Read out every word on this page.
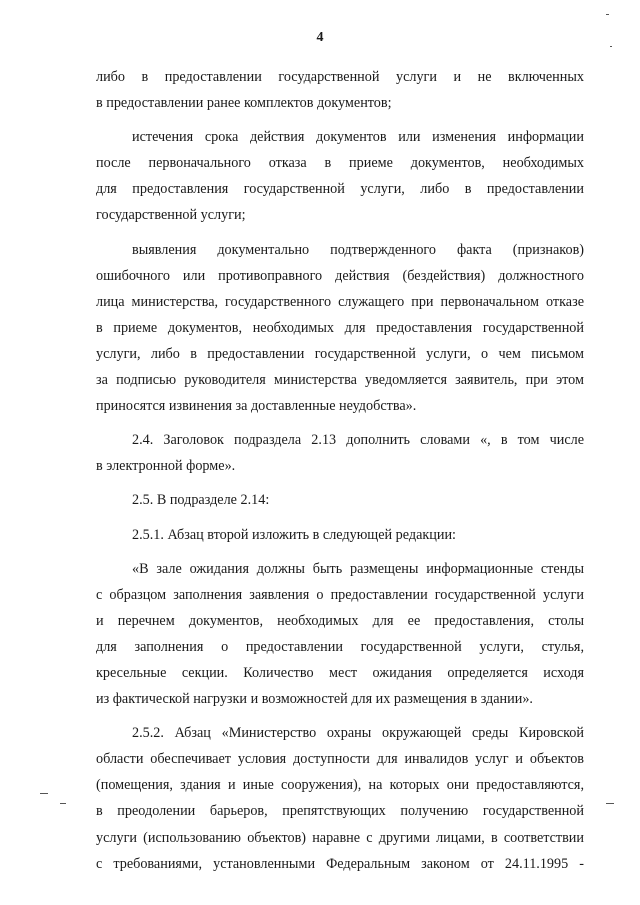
4

либо в предоставлении государственной услуги и не включенных
в предоставлении ранее комплектов документов;

истечения срока действия документов или изменения информации
после первоначального отказа в приеме документов, необходимых
для предоставления государственной услуги, либо в предоставлении
государственной услуги;

выявления документально подтвержденного факта (признаков)
ошибочного или противоправного действия (бездействия) должностного
лица министерства, государственного служащего при первоначальном отказе
в приеме документов, необходимых для предоставления государственной
услуги, либо в предоставлении государственной услуги, о чем письмом
за подписью руководителя министерства уведомляется заявитель, при этом
приносятся извинения за доставленные неудобства».

2.4. Заголовок подраздела 2.13 дополнить словами «, в том числе
в электронной форме».

2.5. В подразделе 2.14:

2.5.1. Абзац второй изложить в следующей редакции:

«В зале ожидания должны быть размещены информационные стенды
с образцом заполнения заявления о предоставлении государственной услуги
и перечнем документов, необходимых для ее предоставления, столы
для заполнения о предоставлении государственной услуги, стулья,
кресельные секции. Количество мест ожидания определяется исходя
из фактической нагрузки и возможностей для их размещения в здании».

2.5.2. Абзац «Министерство охраны окружающей среды Кировской
области обеспечивает условия доступности для инвалидов услуг и объектов
(помещения, здания и иные сооружения), на которых они предоставляются,
в преодолении барьеров, препятствующих получению государственной
услуги (использованию объектов) наравне с другими лицами, в соответствии
с требованиями, установленными Федеральным законом от 24.11.1995 -
